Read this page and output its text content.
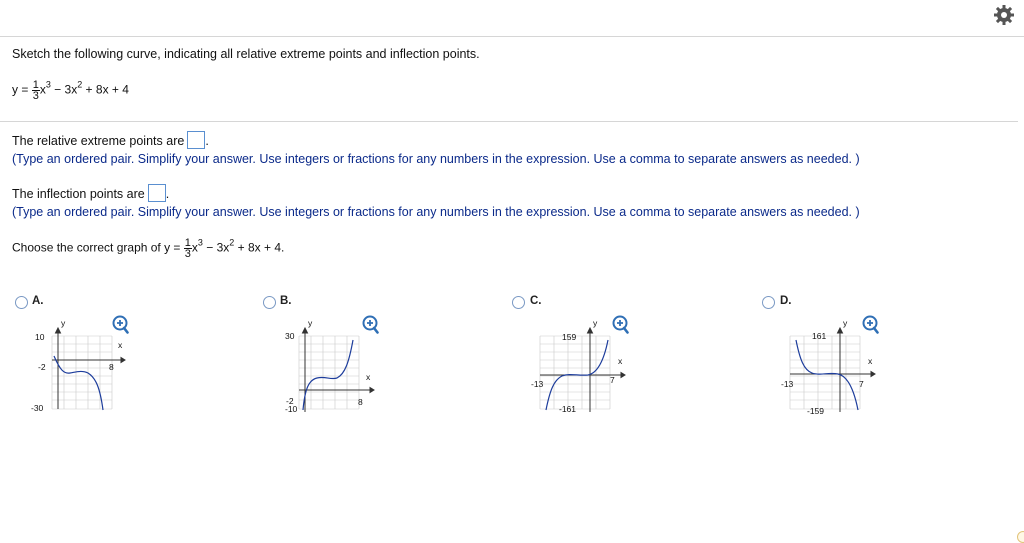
Sketch the following curve, indicating all relative extreme points and inflection points.
$y = \frac{1}{3} x^3 - 3x^2 + 8x + 4$
The relative extreme points are .
(Type an ordered pair. Simplify your answer. Use integers or fractions for any numbers in the expression. Use a comma to separate answers as needed. )
The inflection points are .
(Type an ordered pair. Simplify your answer. Use integers or fractions for any numbers in the expression. Use a comma to separate answers as needed. )
Choose the correct graph of $y = \frac{1}{3} x^3 - 3x^2 + 8x + 4$.
A.
10
-30
-2	8
x
y
B.
30
-10
-2	8
x
y
C.
159
-161
-13	7
x
y
D.
161
-159
-13	7
x
y
